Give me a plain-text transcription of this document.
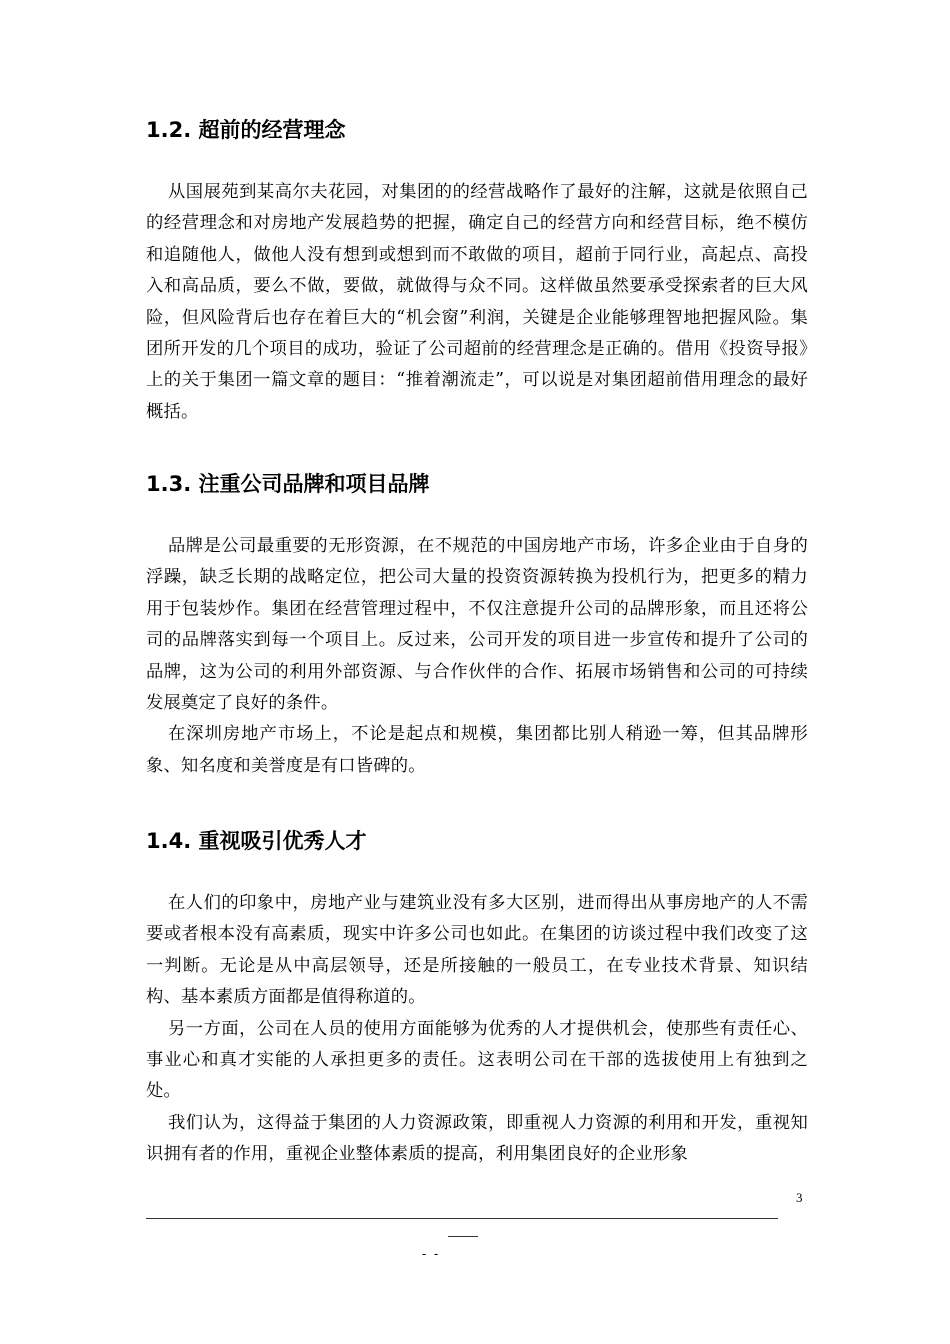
1.2. 超前的经营理念

从国展苑到某高尔夫花园，对集团的的经营战略作了最好的注解，这就是依照自己的经营理念和对房地产发展趋势的把握，确定自己的经营方向和经营目标，绝不模仿和追随他人，做他人没有想到或想到而不敢做的项目，超前于同行业，高起点、高投入和高品质，要么不做，要做，就做得与众不同。这样做虽然要承受探索者的巨大风险，但风险背后也存在着巨大的“机会窗”利润，关键是企业能够理智地把握风险。集团所开发的几个项目的成功，验证了公司超前的经营理念是正确的。借用《投资导报》上的关于集团一篇文章的题目：“推着潮流走”，可以说是对集团超前借用理念的最好概括。

1.3. 注重公司品牌和项目品牌

品牌是公司最重要的无形资源，在不规范的中国房地产市场，许多企业由于自身的浮躁，缺乏长期的战略定位，把公司大量的投资资源转换为投机行为，把更多的精力用于包装炒作。集团在经营管理过程中，不仅注意提升公司的品牌形象，而且还将公司的品牌落实到每一个项目上。反过来，公司开发的项目进一步宣传和提升了公司的品牌，这为公司的利用外部资源、与合作伙伴的合作、拓展市场销售和公司的可持续发展奠定了良好的条件。

在深圳房地产市场上，不论是起点和规模，集团都比别人稍逊一筹，但其品牌形象、知名度和美誉度是有口皆碑的。

1.4. 重视吸引优秀人才

在人们的印象中，房地产业与建筑业没有多大区别，进而得出从事房地产的人不需要或者根本没有高素质，现实中许多公司也如此。在集团的访谈过程中我们改变了这一判断。无论是从中高层领导，还是所接触的一般员工，在专业技术背景、知识结构、基本素质方面都是值得称道的。

另一方面，公司在人员的使用方面能够为优秀的人才提供机会，使那些有责任心、事业心和真才实能的人承担更多的责任。这表明公司在干部的选拔使用上有独到之处。

我们认为，这得益于集团的人力资源政策，即重视人力资源的利用和开发，重视知识拥有者的作用，重视企业整体素质的提高，利用集团良好的企业形象

3
- -
